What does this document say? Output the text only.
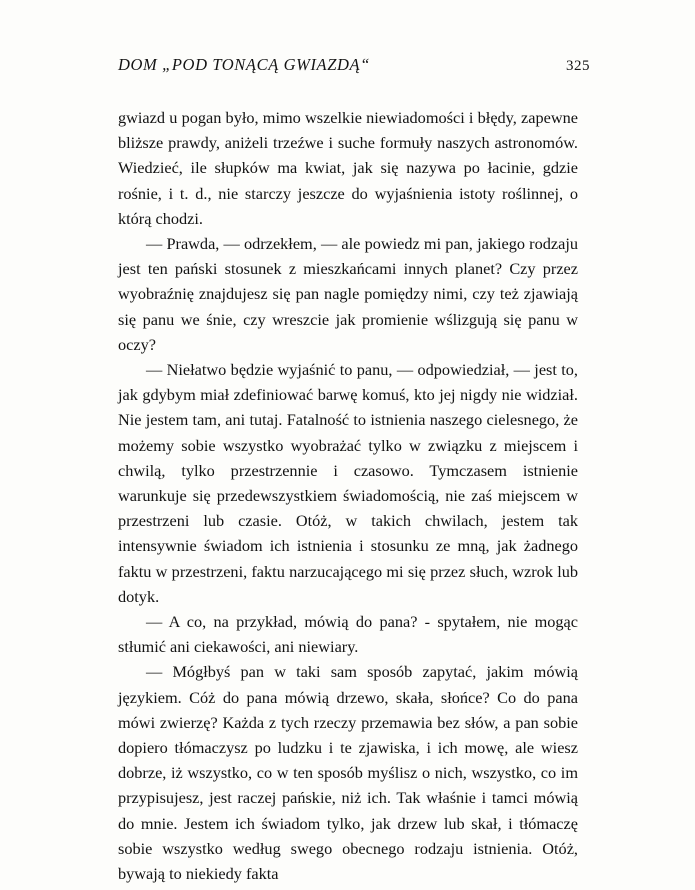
DOM „POD TONĄCĄ GWIAZDĄ“	325

gwiazd u pogan było, mimo wszelkie niewiadomości i błędy, zapewne bliższe prawdy, aniżeli trzeźwe i suche formuły naszych astronomów. Wiedzieć, ile słupków ma kwiat, jak się nazywa po łacinie, gdzie rośnie, i t. d., nie starczy jeszcze do wyjaśnienia istoty roślinnej, o którą chodzi.

— Prawda, — odrzekłem, — ale powiedz mi pan, jakiego rodzaju jest ten pański stosunek z mieszkańcami innych planet? Czy przez wyobraźnię znajdujesz się pan nagle pomiędzy nimi, czy też zjawiają się panu we śnie, czy wreszcie jak promienie wślizgują się panu w oczy?

— Niełatwo będzie wyjaśnić to panu, — odpowiedział, — jest to, jak gdybym miał zdefiniować barwę komuś, kto jej nigdy nie widział. Nie jestem tam, ani tutaj. Fatalność to istnienia naszego cielesnego, że możemy sobie wszystko wyobrażać tylko w związku z miejscem i chwilą, tylko przestrzennie i czasowo. Tymczasem istnienie warunkuje się przedewszystkiem świadomością, nie zaś miejscem w przestrzeni lub czasie. Otóż, w takich chwilach, jestem tak intensywnie świadom ich istnienia i stosunku ze mną, jak żadnego faktu w przestrzeni, faktu narzucającego mi się przez słuch, wzrok lub dotyk.

— A co, na przykład, mówią do pana? - spytałem, nie mogąc stłumić ani ciekawości, ani niewiary.

— Mógłbyś pan w taki sam sposób zapytać, jakim mówią językiem. Cóż do pana mówią drzewo, skała, słońce? Co do pana mówi zwierzę? Każda z tych rzeczy przemawia bez słów, a pan sobie dopiero tłómaczysz po ludzku i te zjawiska, i ich mowę, ale wiesz dobrze, iż wszystko, co w ten sposób myślisz o nich, wszystko, co im przypisujesz, jest raczej pańskie, niż ich. Tak właśnie i tamci mówią do mnie. Jestem ich świadom tylko, jak drzew lub skał, i tłómaczę sobie wszystko według swego obecnego rodzaju istnienia. Otóż, bywają to niekiedy fakta
